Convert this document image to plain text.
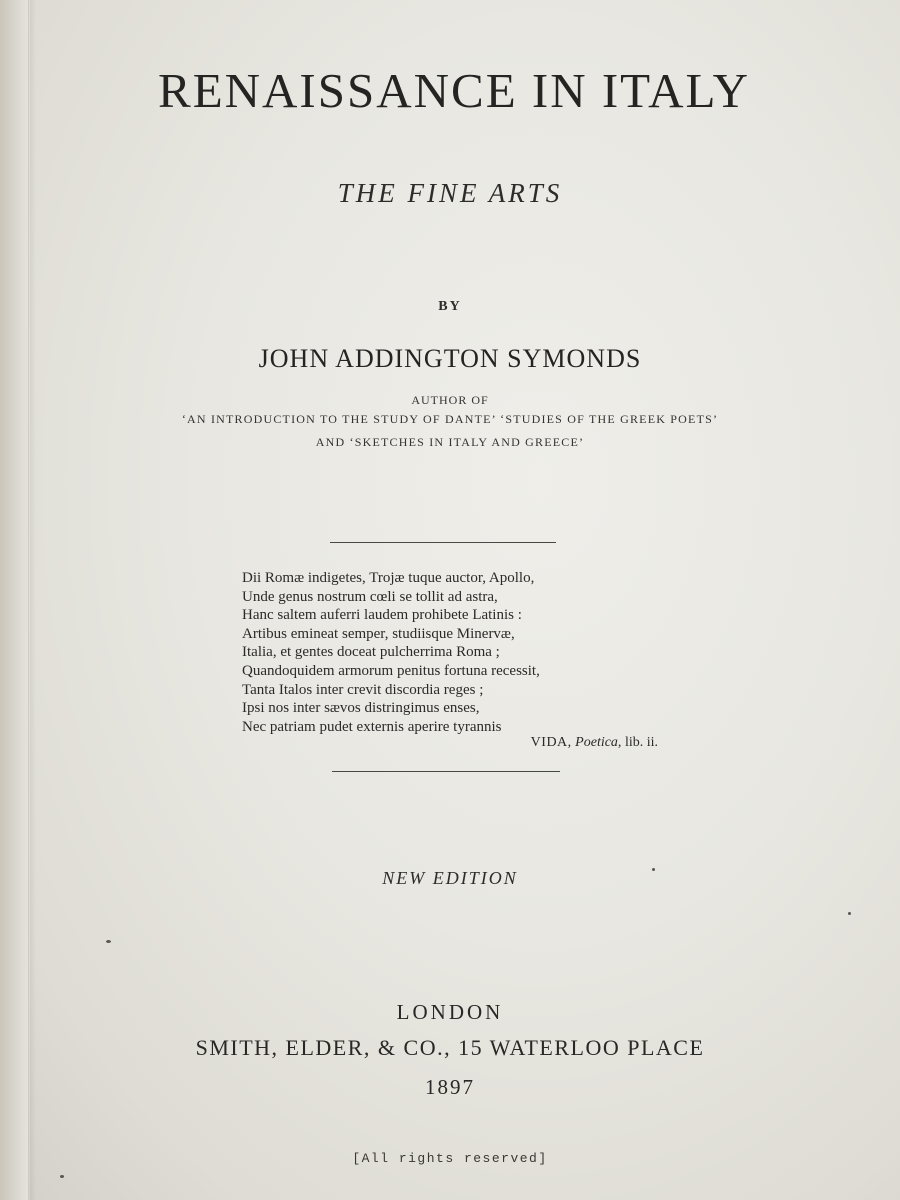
RENAISSANCE IN ITALY
THE FINE ARTS
BY
JOHN ADDINGTON SYMONDS
AUTHOR OF
‘AN INTRODUCTION TO THE STUDY OF DANTE’ ‘STUDIES OF THE GREEK POETS’
AND ‘SKETCHES IN ITALY AND GREECE’
Dii Romæ indigetes, Trojæ tuque auctor, Apollo,
Unde genus nostrum cœli se tollit ad astra,
Hanc saltem auferri laudem prohibete Latinis :
Artibus emineat semper, studiisque Minervæ,
Italia, et gentes doceat pulcherrima Roma ;
Quandoquidem armorum penitus fortuna recessit,
Tanta Italos inter crevit discordia reges ;
Ipsi nos inter sævos distringimus enses,
Nec patriam pudet externis aperire tyrannis
VIDA, Poetica, lib. ii.
NEW EDITION
LONDON
SMITH, ELDER, & CO., 15 WATERLOO PLACE
1897
[All rights reserved]
